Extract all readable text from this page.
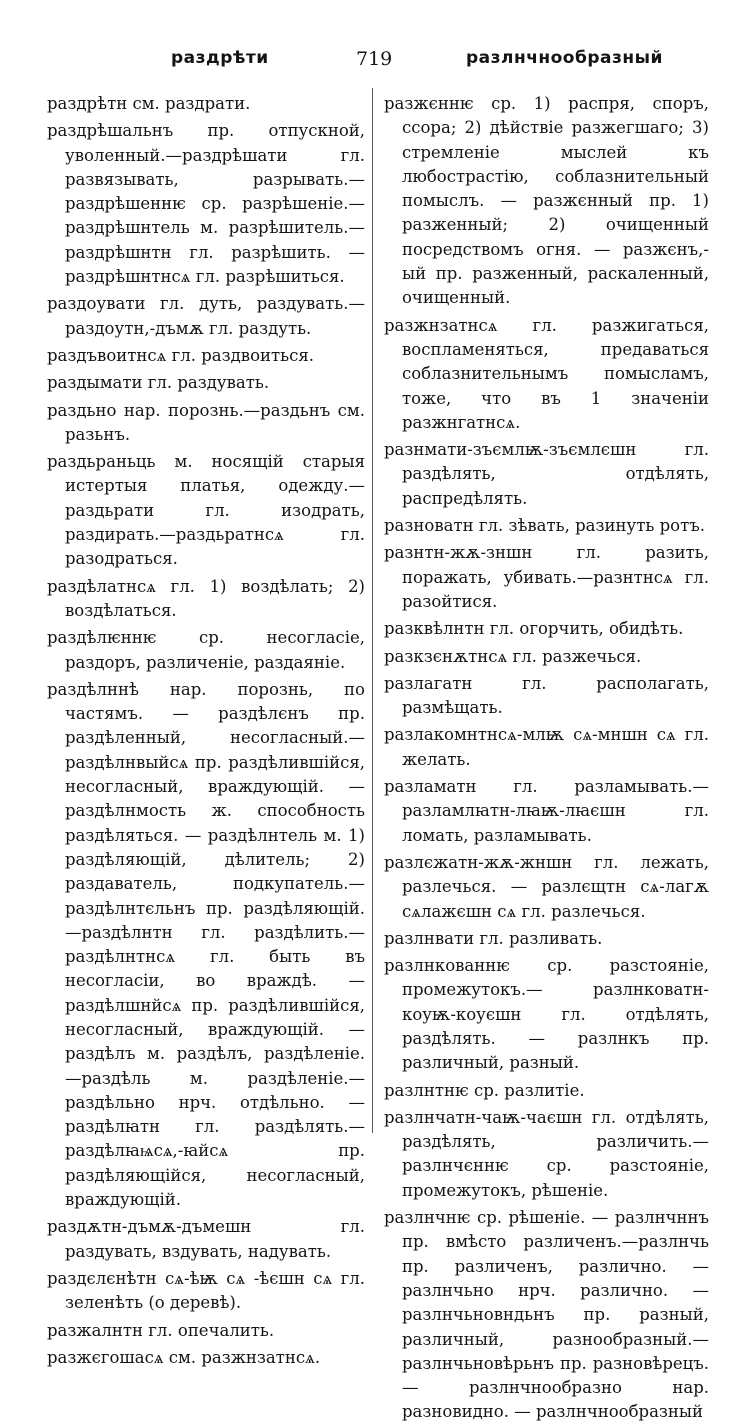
раздрѣти	719	разлнчнообразный

раздрѣтн см. раздрати.

раздрѣшальнъ пр. отпускной, уволенный.—раздрѣшати гл. развязывать, разрывать.—раздрѣшеннѥ ср. разрѣшеніе.—раздрѣшнтель м. разрѣшитель.—раздрѣшнтн гл. разрѣшить. — раздрѣшнтнсѧ гл. разрѣшиться.

раздоувати гл. дуть, раздувать.—раздоутн,-дъмѫ гл. раздуть.

раздъвоитнсѧ гл. раздвоиться.

раздымати гл. раздувать.

раздьно нар. порознь.—раздьнъ см. разьнъ.

раздьраньць м. носящій старыя истертыя платья, одежду.—раздьрати гл. изодрать, раздирать.—раздьратнсѧ гл. разодраться.

раздѣлатнсѧ гл. 1) воздѣлать; 2) воздѣлаться.

раздѣлѥннѥ ср. несогласіе, раздоръ, различеніе, раздаяніе.

раздѣлннѣ нар. порознь, по частямъ. — раздѣлєнъ пр. раздѣленный, несогласный.—раздѣлнвыйсѧ пр. раздѣлившійся, несогласный, враждующій. — раздѣлнмость ж. способность раздѣляться. — раздѣлнтель м. 1) раздѣляющій, дѣлитель; 2) раздаватель, подкупатель.—раздѣлнтєльнъ пр. раздѣляющій.—раздѣлнтн гл. раздѣлить.—раздѣлнтнсѧ гл. быть въ несогласіи, во враждѣ. — раздѣлшнйсѧ пр. раздѣлившійся, несогласный, враждующій. — раздѣлъ м. раздѣлъ, раздѣленіе. —раздѣль м. раздѣленіе.—раздѣльно нрч. отдѣльно. — раздѣлꙗтн гл. раздѣлять.—раздѣлꙗѩсѧ,-ꙗйсѧ пр. раздѣляющійся, несогласный, враждующій.

раздѫтн-дъмѫ-дъмешн гл. раздувать, вздувать, надувать.

раздєлєнѣтн сѧ-ѣѭ сѧ -ѣєшн сѧ гл. зеленѣть (о деревѣ).

разжалнтн гл. опечалить.

разжєгошасѧ см. разжнзатнсѧ.

разжєннѥ ср. 1) распря, споръ, ссора; 2) дѣйствіе разжегшаго; 3) стремленіе мыслей къ любострастію, соблазнительный помыслъ. — разжєнный пр. 1) разженный; 2) очищенный посредствомъ огня. — разжєнъ,-ый пр. разженный, раскаленный, очищенный.

разжнзатнсѧ гл. разжигаться, воспламеняться, предаваться соблазнительнымъ помысламъ, тоже, что въ 1 значеніи разжнгатнсѧ.

разнмати-зъємлѭ-зъємлєшн гл. раздѣлять, отдѣлять, распредѣлять.

разноватн гл. зѣвать, разинуть ротъ.

разнтн-жѫ-зншн гл. разить, поражать, убивать.—разнтнсѧ гл. разойтися.

разквѣлнтн гл. огорчить, обидѣть.

разкзєнѫтнсѧ гл. разжечься.

разлагатн гл. располагать, размѣщать.

разлакомнтнсѧ-млѭ сѧ-мншн сѧ гл. желать.

разламатн гл. разламывать.—разламлꙗтн-лꙗѭ-лꙗєшн гл. ломать, разламывать.

разлєжатн-жѫ-жншн гл. лежать, разлечься. — разлєщтн сѧ-лагѫ сѧлажєшн сѧ гл. разлечься.

разлнвати гл. разливать.

разлнкованнѥ ср. разстояніе, промежутокъ.— разлнковатн-коуѭ-коуєшн гл. отдѣлять, раздѣлять. — разлнкъ пр. различный, разный.

разлнтнѥ ср. разлитіе.

разлнчатн-чаѭ-чаєшн гл. отдѣлять, раздѣлять, различить.—разлнчєннѥ ср. разстояніе, промежутокъ, рѣшеніе.

разлнчнѥ ср. рѣшеніе. — разлнчннъ пр. вмѣсто различенъ.—разлнчь пр. различенъ, различно. — разлнчьно нрч. различно. — разлнчьновндьнъ пр. разный, различный, разнообразный.—разлнчьновѣрьнъ пр. разновѣрецъ. — разлнчнообразно нар. разновидно. — разлнчнообразный
